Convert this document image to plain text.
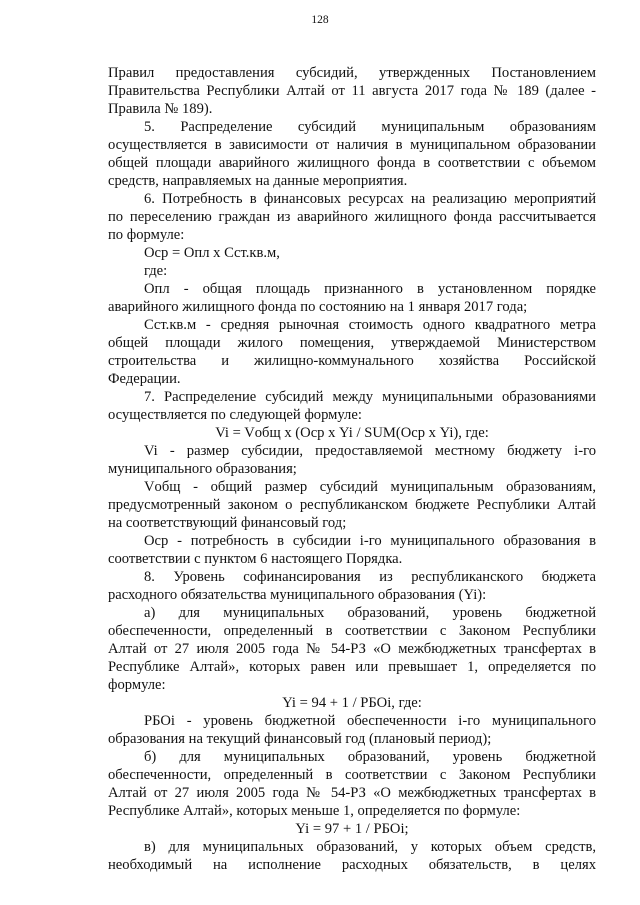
128
Правил предоставления субсидий, утвержденных Постановлением
Правительства Республики Алтай от 11 августа 2017 года № 189 (далее -
Правила № 189).
5. Распределение субсидий муниципальным образованиям
осуществляется в зависимости от наличия в муниципальном образовании
общей площади аварийного жилищного фонда в соответствии с объемом
средств, направляемых на данные мероприятия.
6. Потребность в финансовых ресурсах на реализацию мероприятий
по переселению граждан из аварийного жилищного фонда рассчитывается
по формуле:
Оср = Опл х Сст.кв.м,
где:
Опл - общая площадь признанного в установленном порядке
аварийного жилищного фонда по состоянию на 1 января 2017 года;
Сст.кв.м - средняя рыночная стоимость одного квадратного метра
общей площади жилого помещения, утверждаемой Министерством
строительства и жилищно-коммунального хозяйства Российской
Федерации.
7. Распределение субсидий между муниципальными образованиями
осуществляется по следующей формуле:
Vi = Vобщ х (Оср х Yi / SUM(Оср х Yi), где:
Vi - размер субсидии, предоставляемой местному бюджету i-го
муниципального образования;
Vобщ - общий размер субсидий муниципальным образованиям,
предусмотренный законом о республиканском бюджете Республики Алтай
на соответствующий финансовый год;
Оср - потребность в субсидии i-го муниципального образования в
соответствии с пунктом 6 настоящего Порядка.
8. Уровень софинансирования из республиканского бюджета
расходного обязательства муниципального образования (Yi):
а) для муниципальных образований, уровень бюджетной
обеспеченности, определенный в соответствии с Законом Республики
Алтай от 27 июля 2005 года № 54-РЗ «О межбюджетных трансфертах в
Республике Алтай», которых равен или превышает 1, определяется по
формуле:
Yi = 94 + 1 / РБОi, где:
РБОi - уровень бюджетной обеспеченности i-го муниципального
образования на текущий финансовый год (плановый период);
б) для муниципальных образований, уровень бюджетной
обеспеченности, определенный в соответствии с Законом Республики
Алтай от 27 июля 2005 года № 54-РЗ «О межбюджетных трансфертах в
Республике Алтай», которых меньше 1, определяется по формуле:
Yi = 97 + 1 / РБОi;
в) для муниципальных образований, у которых объем средств,
необходимый на исполнение расходных обязательств, в целях
